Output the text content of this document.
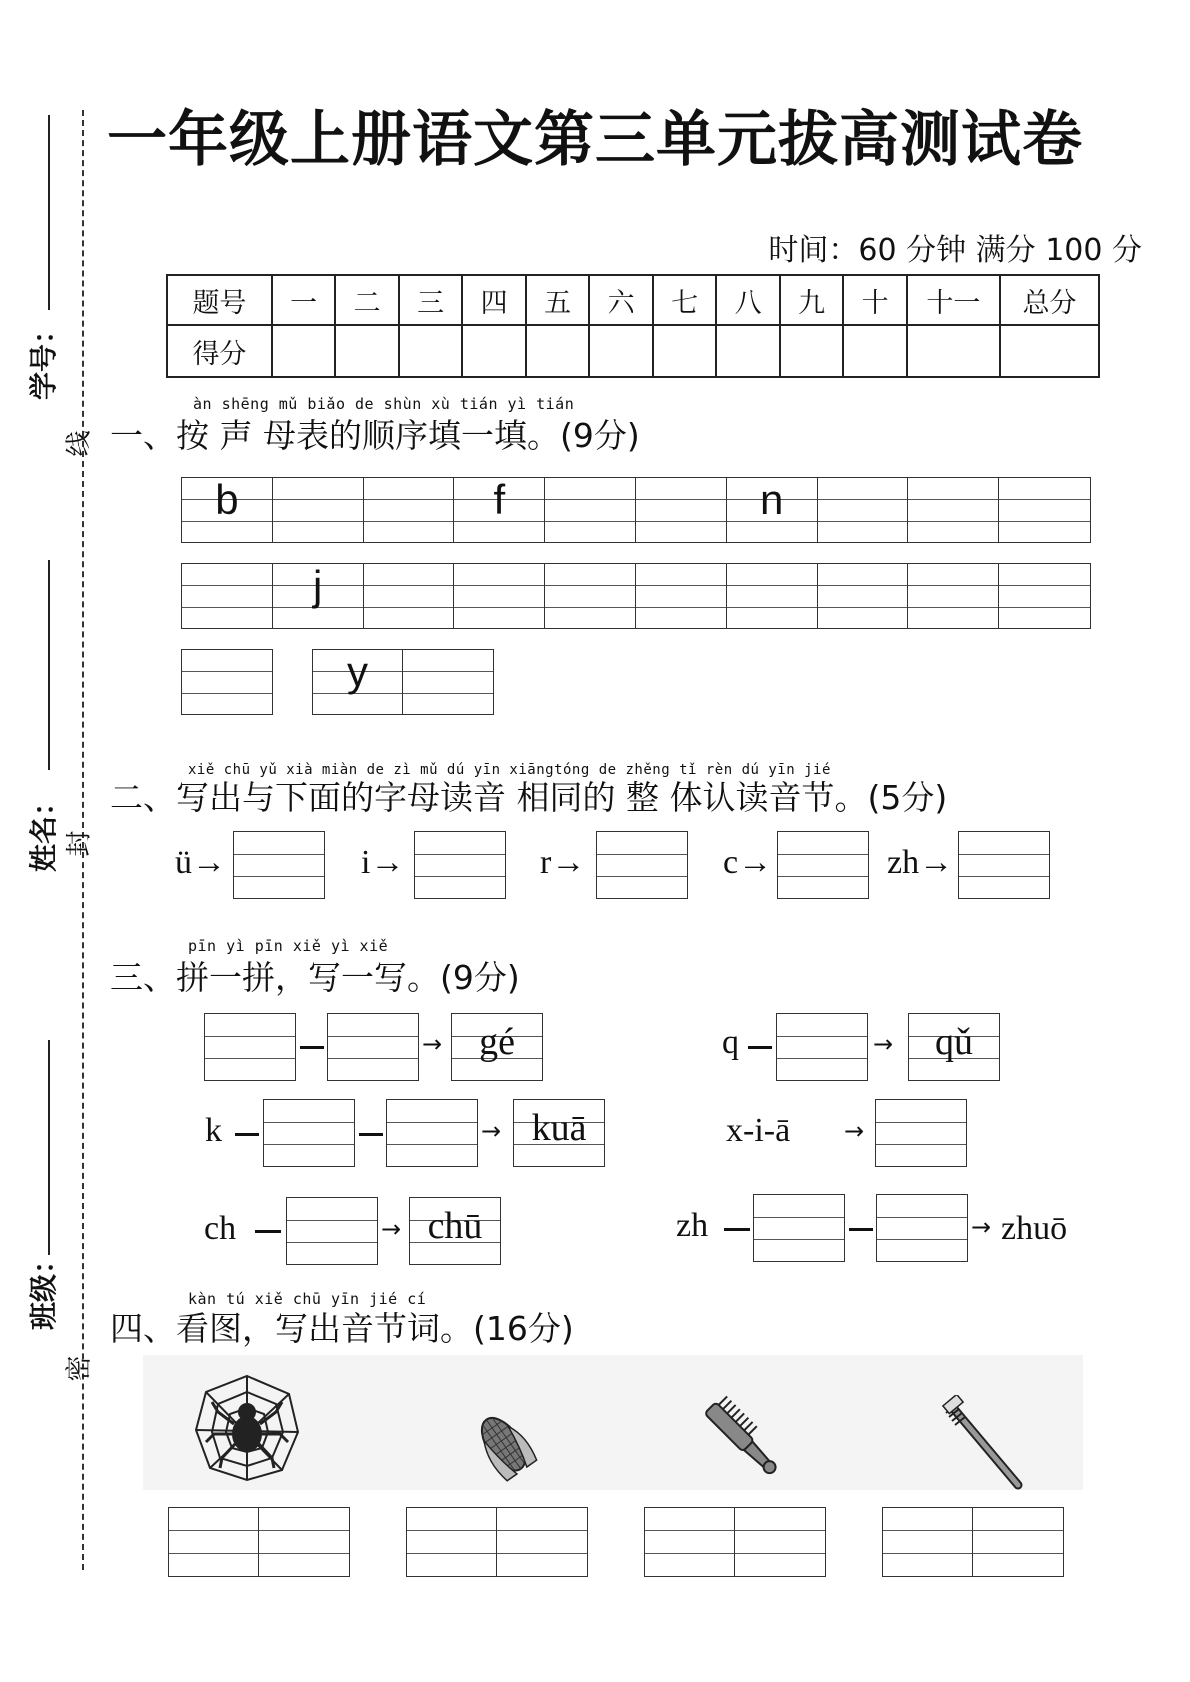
线
封
密
学号：
姓名：
班级：
一年级上册语文第三单元拔高测试卷
时间：60 分钟 满分 100 分
题号	一	二	三	四	五	六	七	八	九	十	十一	总分
得分												
àn shēng mǔ biǎo de shùn xù tián yì tián
一、按 声 母表的顺序填一填。(9分)
b	f	n
j
y
xiě chū yǔ xià miàn de zì mǔ dú yīn xiāngtóng de zhěng tǐ rèn dú yīn jié
二、写出与下面的字母读音 相同的 整 体认读音节。(5分)
ü→	i→	r→	c→	zh→
pīn yì pīn xiě yì xiě
三、拼一拼，写一写。(9分)
→ gé	q	→	qǔ
k	→ kuā	x-i-ā →
ch	→ chū	zh	→ zhuō
kàn tú xiě chū yīn jié cí
四、看图，写出音节词。(16分)
